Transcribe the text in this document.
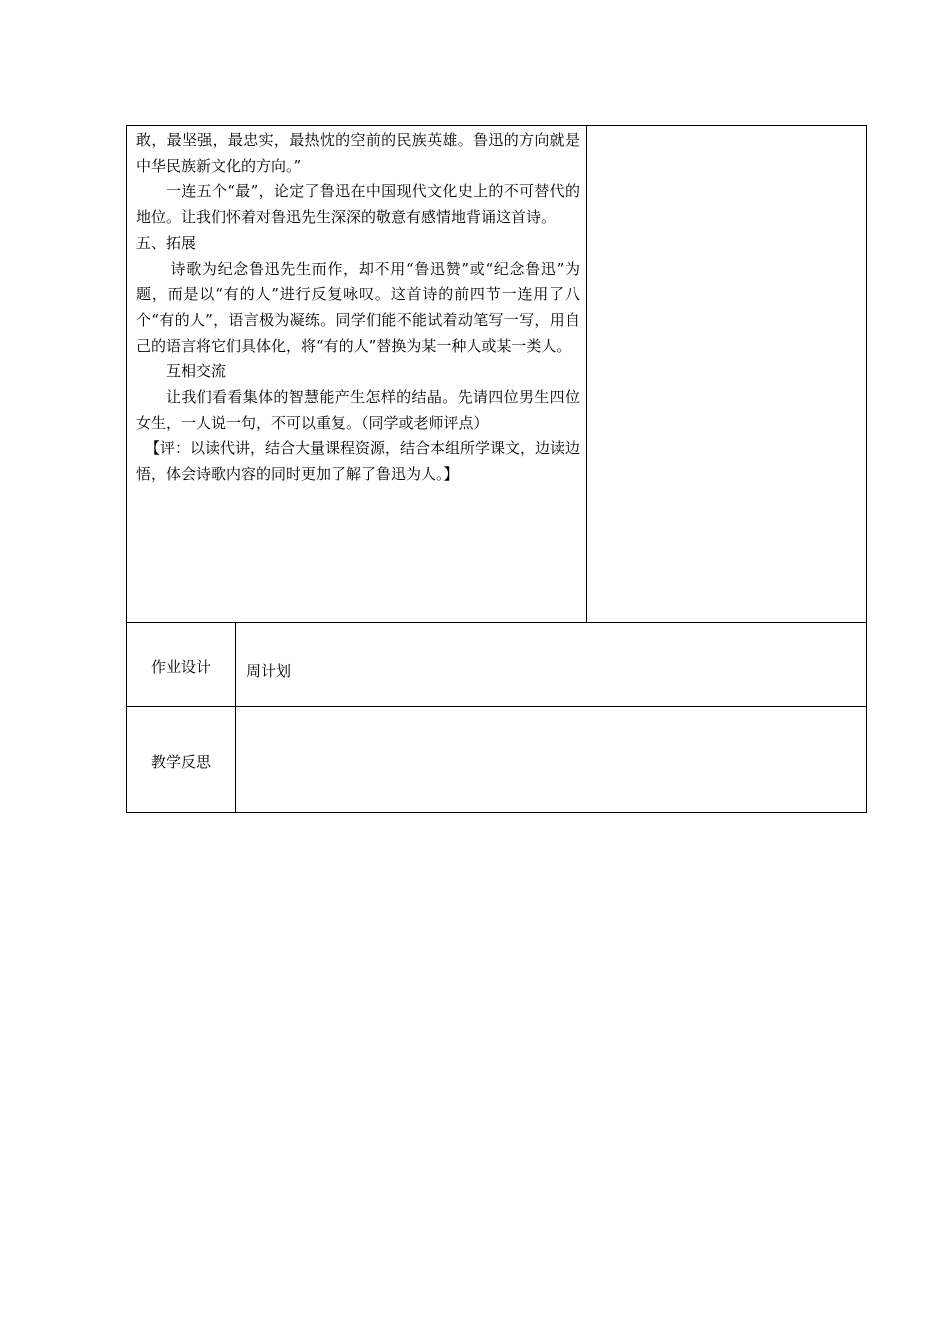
敢，最坚强，最忠实，最热忱的空前的民族英雄。鲁迅的方向就是中华民族新文化的方向。”

一连五个“最”，论定了鲁迅在中国现代文化史上的不可替代的地位。让我们怀着对鲁迅先生深深的敬意有感情地背诵这首诗。

五、拓展

诗歌为纪念鲁迅先生而作，却不用“鲁迅赞”或“纪念鲁迅”为题，而是以“有的人”进行反复咏叹。这首诗的前四节一连用了八个“有的人”，语言极为凝练。同学们能不能试着动笔写一写，用自己的语言将它们具体化，将“有的人”替换为某一种人或某一类人。

互相交流

让我们看看集体的智慧能产生怎样的结晶。先请四位男生四位女生，一人说一句，不可以重复。（同学或老师评点）

【评：以读代讲，结合大量课程资源，结合本组所学课文，边读边悟，体会诗歌内容的同时更加了解了鲁迅为人。】

作业设计	周计划
教学反思
